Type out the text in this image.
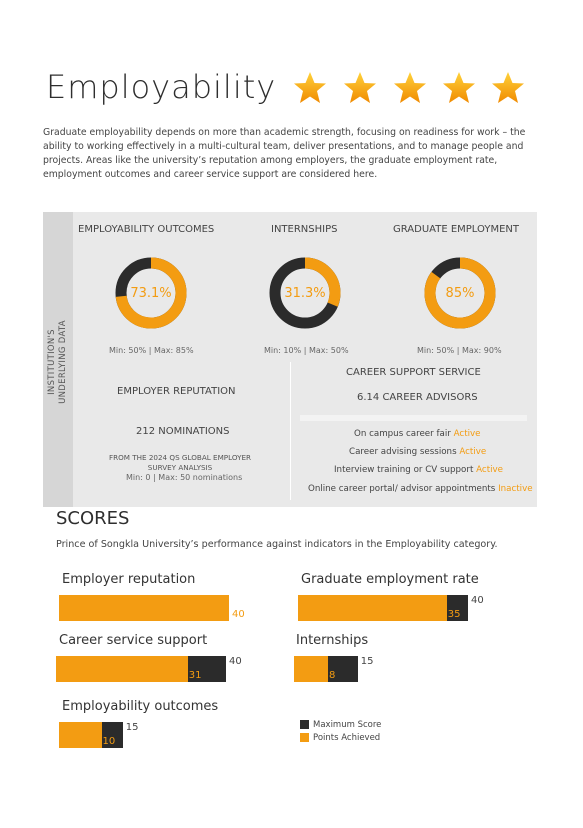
Employability
Graduate employability depends on more than academic strength, focusing on readiness for work – the ability to working effectively in a multi-cultural team, deliver presentations, and to manage people and projects. Areas like the university’s reputation among employers, the graduate employment rate, employment outcomes and career service support are considered here.
INSTITUTION'S UNDERLYING DATA
EMPLOYABILITY OUTCOMES
73.1%
Min: 50% | Max: 85%
INTERNSHIPS
31.3%
Min: 10% | Max: 50%
GRADUATE EMPLOYMENT
85%
Min: 50% | Max: 90%
EMPLOYER REPUTATION
212 NOMINATIONS
FROM THE 2024 QS GLOBAL EMPLOYER
SURVEY ANALYSIS
Min: 0 | Max: 50 nominations
CAREER SUPPORT SERVICE
6.14 CAREER ADVISORS
On campus career fair Active
Career advising sessions Active
Interview training or CV support Active
Online career portal/ advisor appointments Inactive
SCORES
Prince of Songkla University’s performance against indicators in the Employability category.
Employer reputation
40
Graduate employment rate
35
40
Career service support
31
40
Internships
8
15
Employability outcomes
10
15	Maximum Score
Points Achieved
